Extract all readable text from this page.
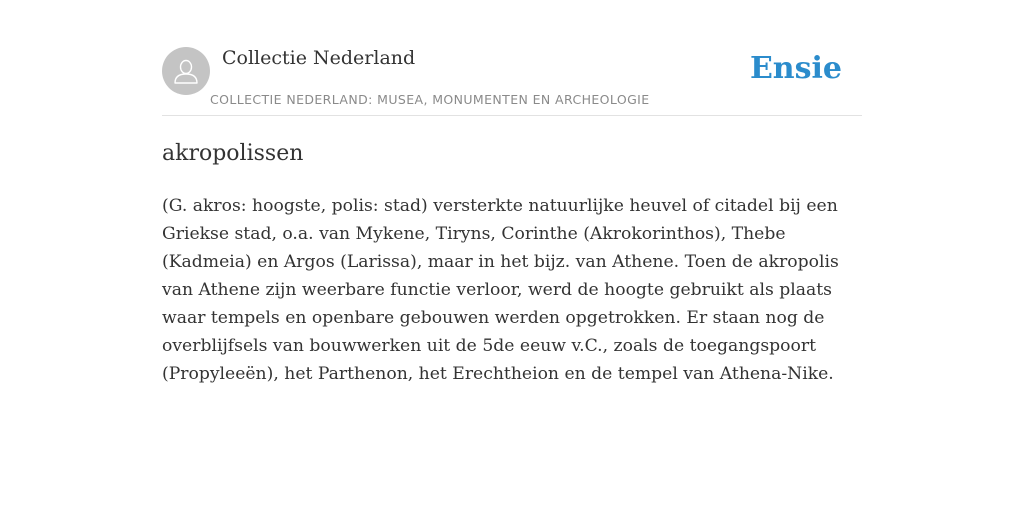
Collectie Nederland
COLLECTIE NEDERLAND: MUSEA, MONUMENTEN EN ARCHEOLOGIE
Ensie
akropolissen

(G. akros: hoogste, polis: stad) versterkte natuurlijke heuvel of citadel bij een Griekse stad, o.a. van Mykene, Tiryns, Corinthe (Akrokorinthos), Thebe (Kadmeia) en Argos (Larissa), maar in het bijz. van Athene. Toen de akropolis van Athene zijn weerbare functie verloor, werd de hoogte gebruikt als plaats waar tempels en openbare gebouwen werden opgetrokken. Er staan nog de overblijfsels van bouwwerken uit de 5de eeuw v.C., zoals de toegangspoort (Propyleeën), het Parthenon, het Erechtheion en de tempel van Athena-Nike.
